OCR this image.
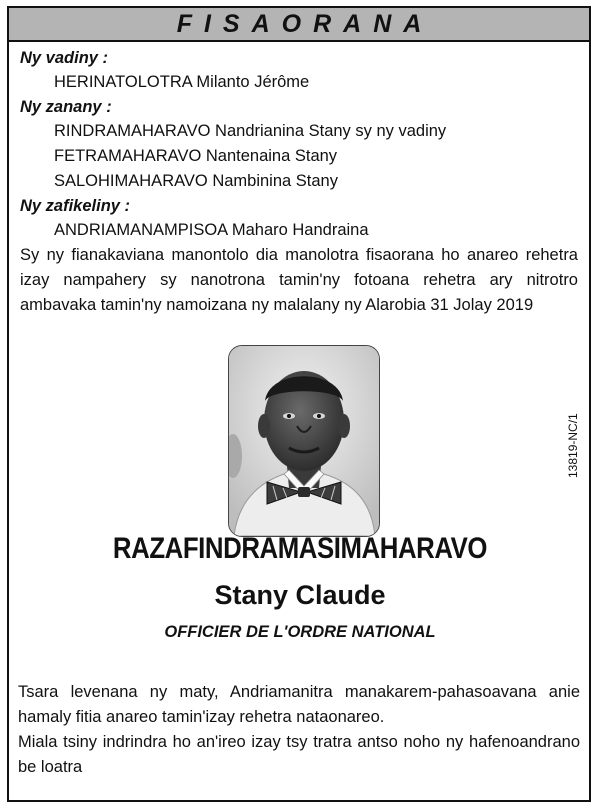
FISAORANA
Ny vadiny :
HERINATOLOTRA Milanto Jérôme
Ny zanany :
RINDRAMAHARAVO Nandrianina Stany sy ny vadiny
FETRAMAHARAVO Nantenaina Stany
SALOHIMAHARAVO Nambinina Stany
Ny zafikeliny :
ANDRIAMANAMPISOA Maharo Handraina

Sy ny fianakaviana manontolo dia manolotra fisaorana ho anareo rehetra izay nampahery sy nanotrona tamin'ny fotoana rehetra ary nitrotro ambavaka tamin'ny namoizana ny malalany ny Alarobia 31 Jolay 2019

13819-NC/1
RAZAFINDRAMASIMAHARAVO
Stany Claude
OFFICIER DE L'ORDRE NATIONAL

Tsara levenana ny maty, Andriamanitra manakarem-pahasoavana anie hamaly fitia anareo tamin'izay rehetra nataonareo.

Miala tsiny indrindra ho an'ireo izay tsy tratra antso noho ny hafenoandrano be loatra
